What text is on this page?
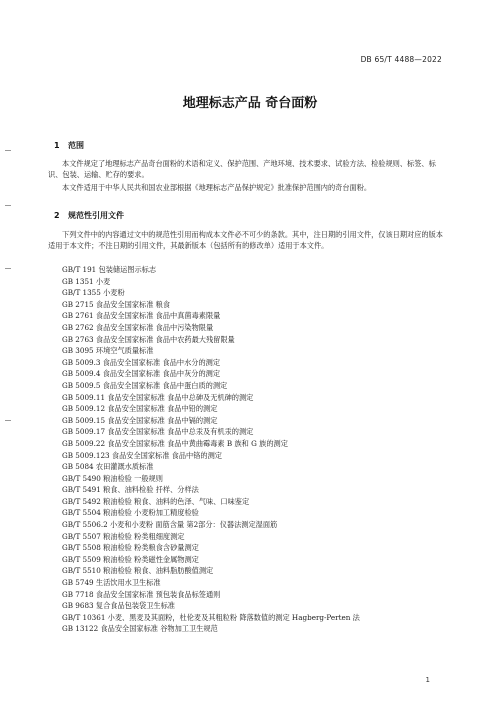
DB 65/T 4488—2022
地理标志产品 奇台面粉
1 范围
本文件规定了地理标志产品奇台面粉的术语和定义、保护范围、产地环境、技术要求、试验方法、检验规则、标签、标识、包装、运输、贮存的要求。
本文件适用于中华人民共和国农业部根据《地理标志产品保护规定》批准保护范围内的奇台面粉。
2 规范性引用文件
下列文件中的内容通过文中的规范性引用而构成本文件必不可少的条款。其中，注日期的引用文件，仅该日期对应的版本适用于本文件；不注日期的引用文件，其最新版本（包括所有的修改单）适用于本文件。
GB/T 191 包装储运图示标志
GB 1351 小麦
GB/T 1355 小麦粉
GB 2715 食品安全国家标准 粮食
GB 2761 食品安全国家标准 食品中真菌毒素限量
GB 2762 食品安全国家标准 食品中污染物限量
GB 2763 食品安全国家标准 食品中农药最大残留限量
GB 3095 环境空气质量标准
GB 5009.3 食品安全国家标准 食品中水分的测定
GB 5009.4 食品安全国家标准 食品中灰分的测定
GB 5009.5 食品安全国家标准 食品中蛋白质的测定
GB 5009.11 食品安全国家标准 食品中总砷及无机砷的测定
GB 5009.12 食品安全国家标准 食品中铅的测定
GB 5009.15 食品安全国家标准 食品中镉的测定
GB 5009.17 食品安全国家标准 食品中总汞及有机汞的测定
GB 5009.22 食品安全国家标准 食品中黄曲霉毒素 B 族和 G 族的测定
GB 5009.123 食品安全国家标准 食品中铬的测定
GB 5084 农田灌溉水质标准
GB/T 5490 粮油检验 一般规则
GB/T 5491 粮食、油料检验 扦样、分样法
GB/T 5492 粮油检验 粮食、油料的色泽、气味、口味鉴定
GB/T 5504 粮油检验 小麦粉加工精度检验
GB/T 5506.2 小麦和小麦粉 面筋含量 第2部分：仪器法测定湿面筋
GB/T 5507 粮油检验 粉类粗细度测定
GB/T 5508 粮油检验 粉类粮食含砂量测定
GB/T 5509 粮油检验 粉类磁性金属物测定
GB/T 5510 粮油检验 粮食、油料脂肪酸值测定
GB 5749 生活饮用水卫生标准
GB 7718 食品安全国家标准 预包装食品标签通则
GB 9683 复合食品包装袋卫生标准
GB/T 10361 小麦、黑麦及其面粉，杜伦麦及其粗粒粉 降落数值的测定 Hagberg-Perten 法
GB 13122 食品安全国家标准 谷物加工卫生规范
1
